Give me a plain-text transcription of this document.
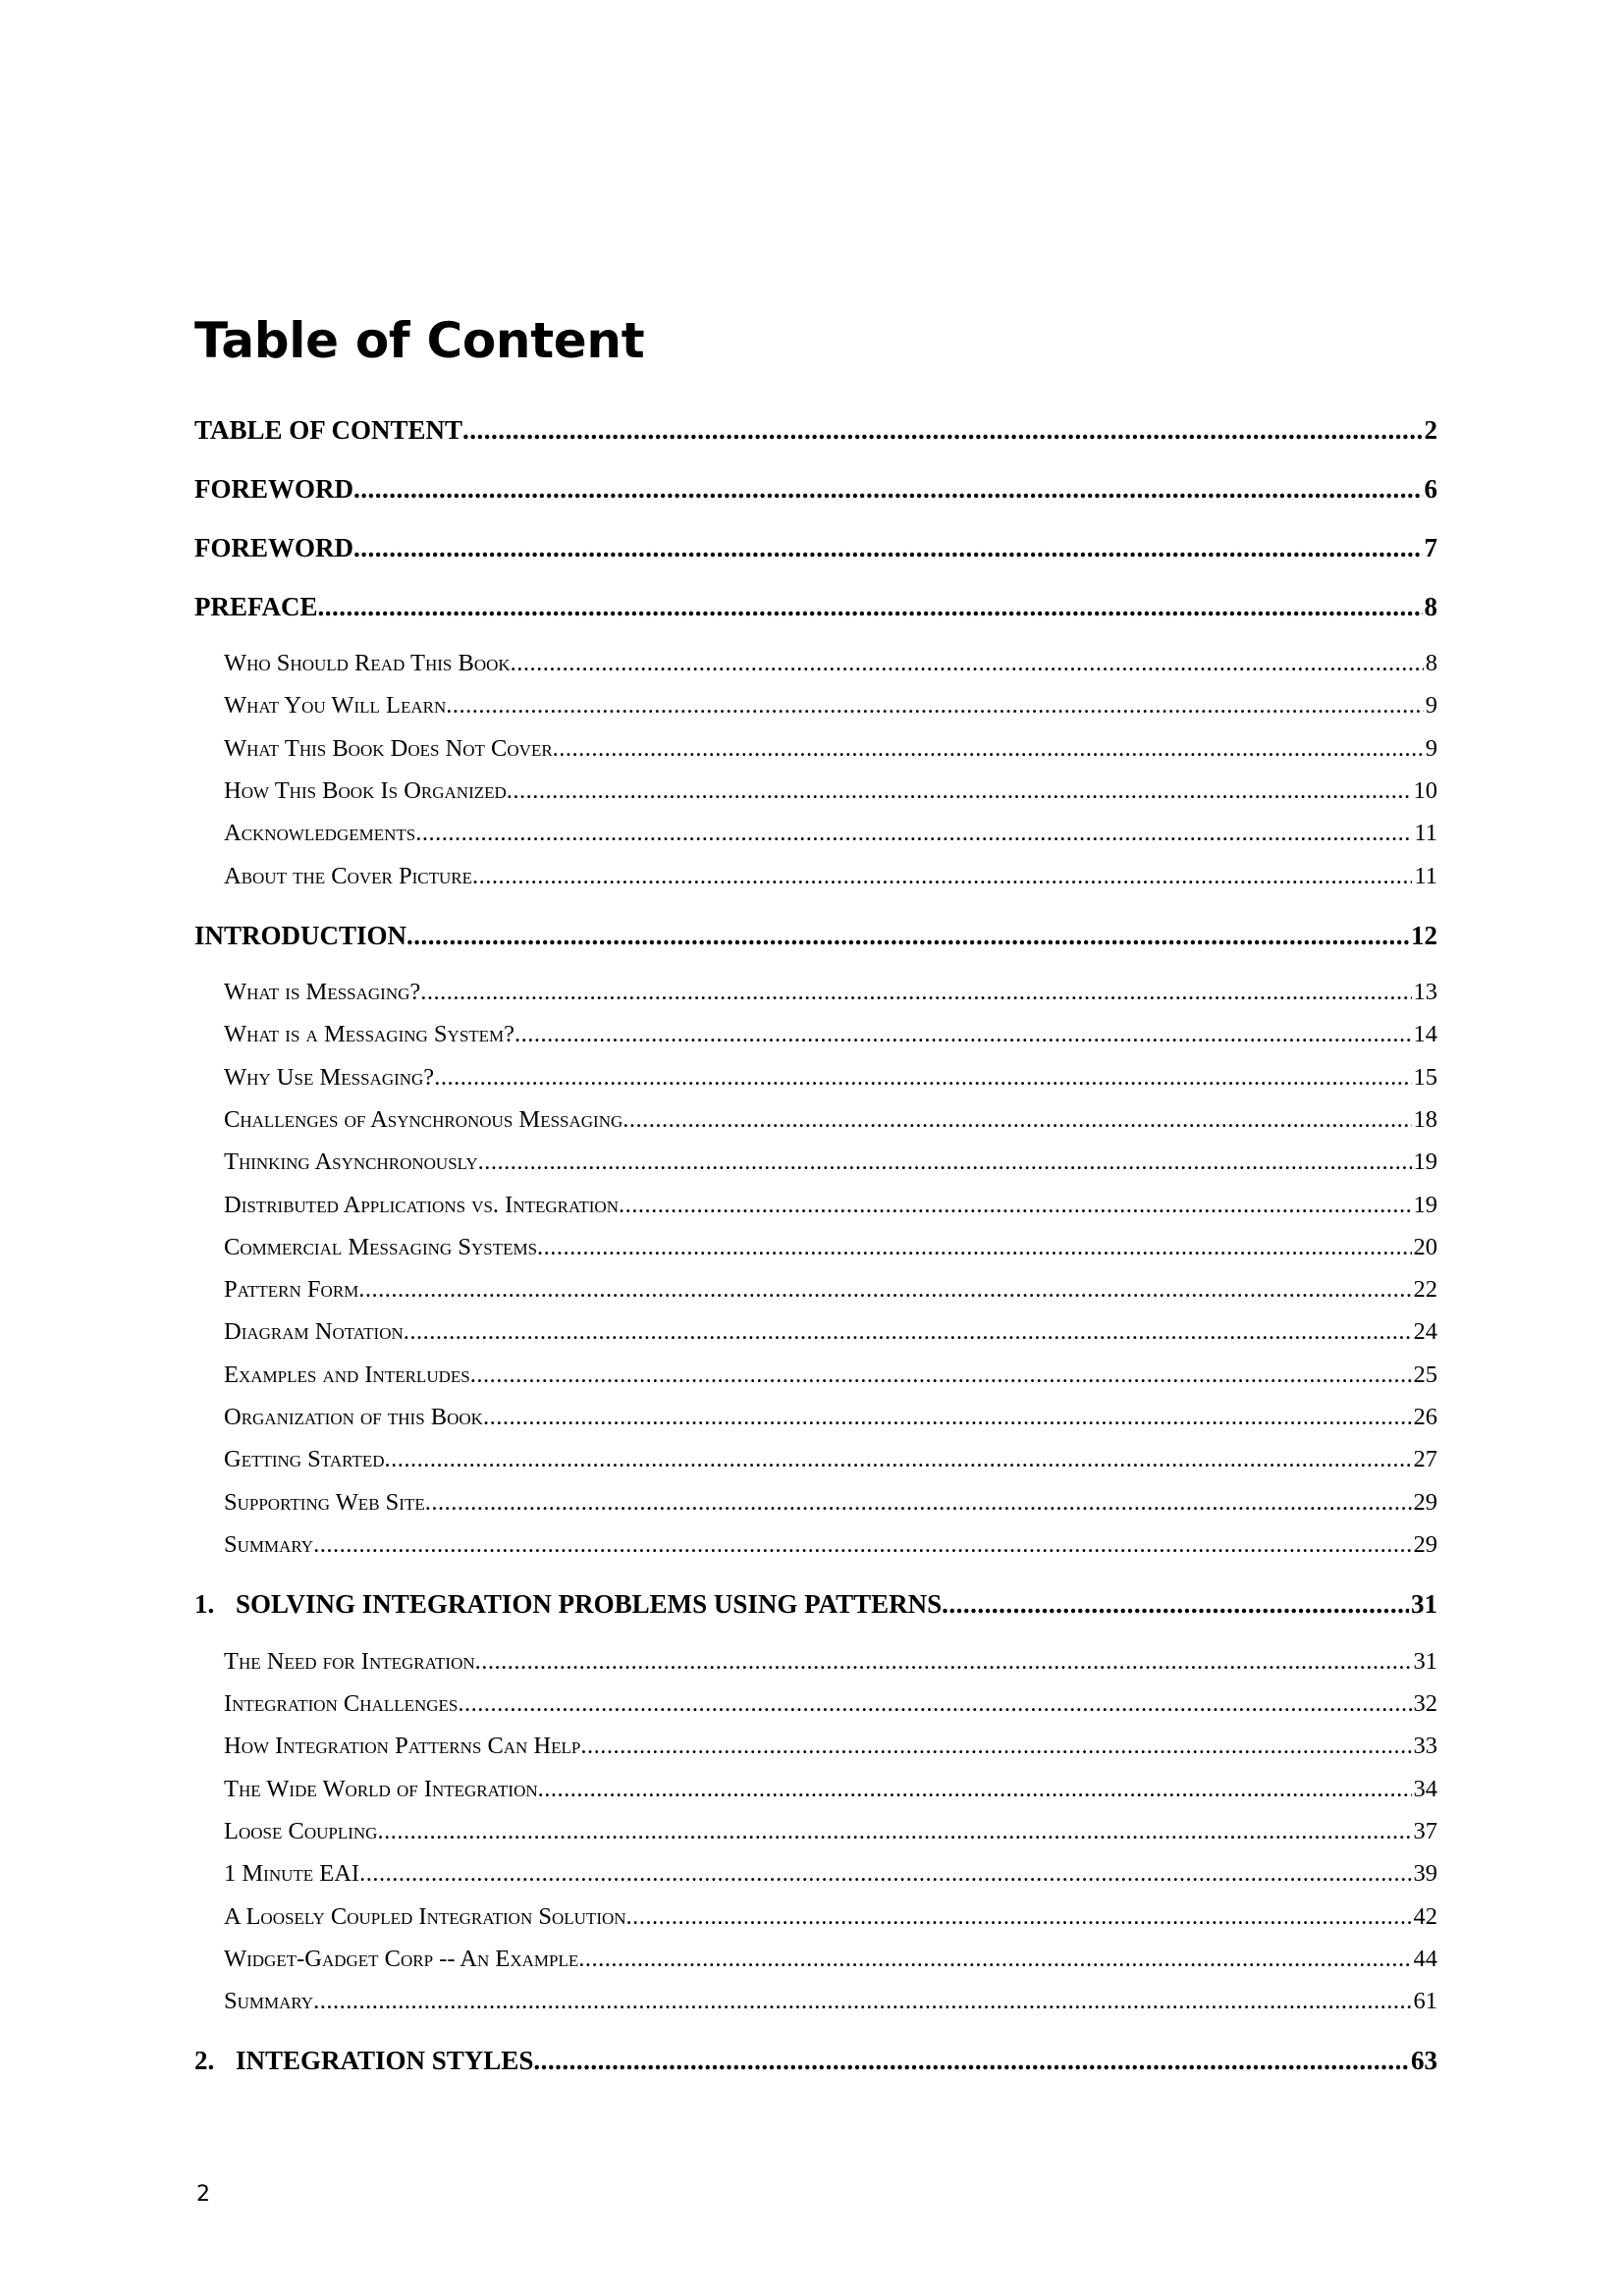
Table of Content
TABLE OF CONTENT .....	2
FOREWORD .....	6
FOREWORD .....	7
PREFACE .....	8
Who Should Read This Book .....	8
What You Will Learn .....	9
What This Book Does Not Cover .....	9
How This Book Is Organized .....	10
Acknowledgements .....	11
About the Cover Picture .....	11
INTRODUCTION .....	12
What is Messaging? .....	13
What is a Messaging System? .....	14
Why Use Messaging? .....	15
Challenges of Asynchronous Messaging .....	18
Thinking Asynchronously .....	19
Distributed Applications vs. Integration .....	19
Commercial Messaging Systems .....	20
Pattern Form .....	22
Diagram Notation .....	24
Examples and Interludes .....	25
Organization of this Book .....	26
Getting Started .....	27
Supporting Web Site .....	29
Summary .....	29
1. SOLVING INTEGRATION PROBLEMS USING PATTERNS .....	31
The Need for Integration .....	31
Integration Challenges .....	32
How Integration Patterns Can Help .....	33
The Wide World of Integration .....	34
Loose Coupling .....	37
1 Minute EAI .....	39
A Loosely Coupled Integration Solution .....	42
Widget-Gadget Corp -- An Example .....	44
Summary .....	61
2. INTEGRATION STYLES .....	63
2
